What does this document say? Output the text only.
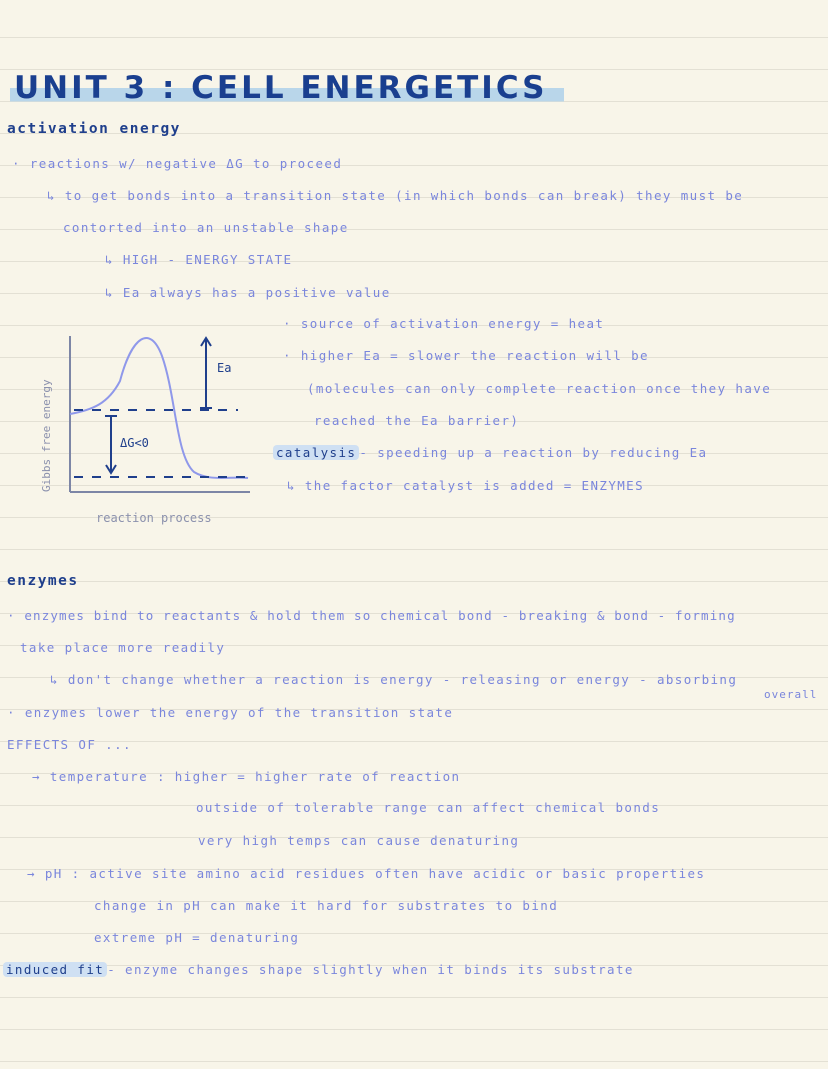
UNIT 3 : CELL ENERGETICS
activation energy
· reactions w/ negative ΔG to proceed
↳ to get bonds into a transition state (in which bonds can break) they must be
contorted into an unstable shape
↳ HIGH - ENERGY STATE
↳ Ea always has a positive value
Ea
ΔG<0
Gibbs free energy
reaction process
· source of activation energy = heat
· higher Ea = slower the reaction will be
(molecules can only complete reaction once they have
reached the Ea barrier)
catalysis - speeding up a reaction by reducing Ea
↳ the factor catalyst is added = ENZYMES
enzymes
· enzymes bind to reactants & hold them so chemical bond - breaking & bond - forming
take place more readily
↳ don't change whether a reaction is energy - releasing or energy - absorbing
overall
· enzymes lower the energy of the transition state
EFFECTS OF ...
→ temperature : higher = higher rate of reaction
outside of tolerable range can affect chemical bonds
very high temps can cause denaturing
→ pH : active site amino acid residues often have acidic or basic properties
change in pH can make it hard for substrates to bind
extreme pH = denaturing
induced fit - enzyme changes shape slightly when it binds its substrate
